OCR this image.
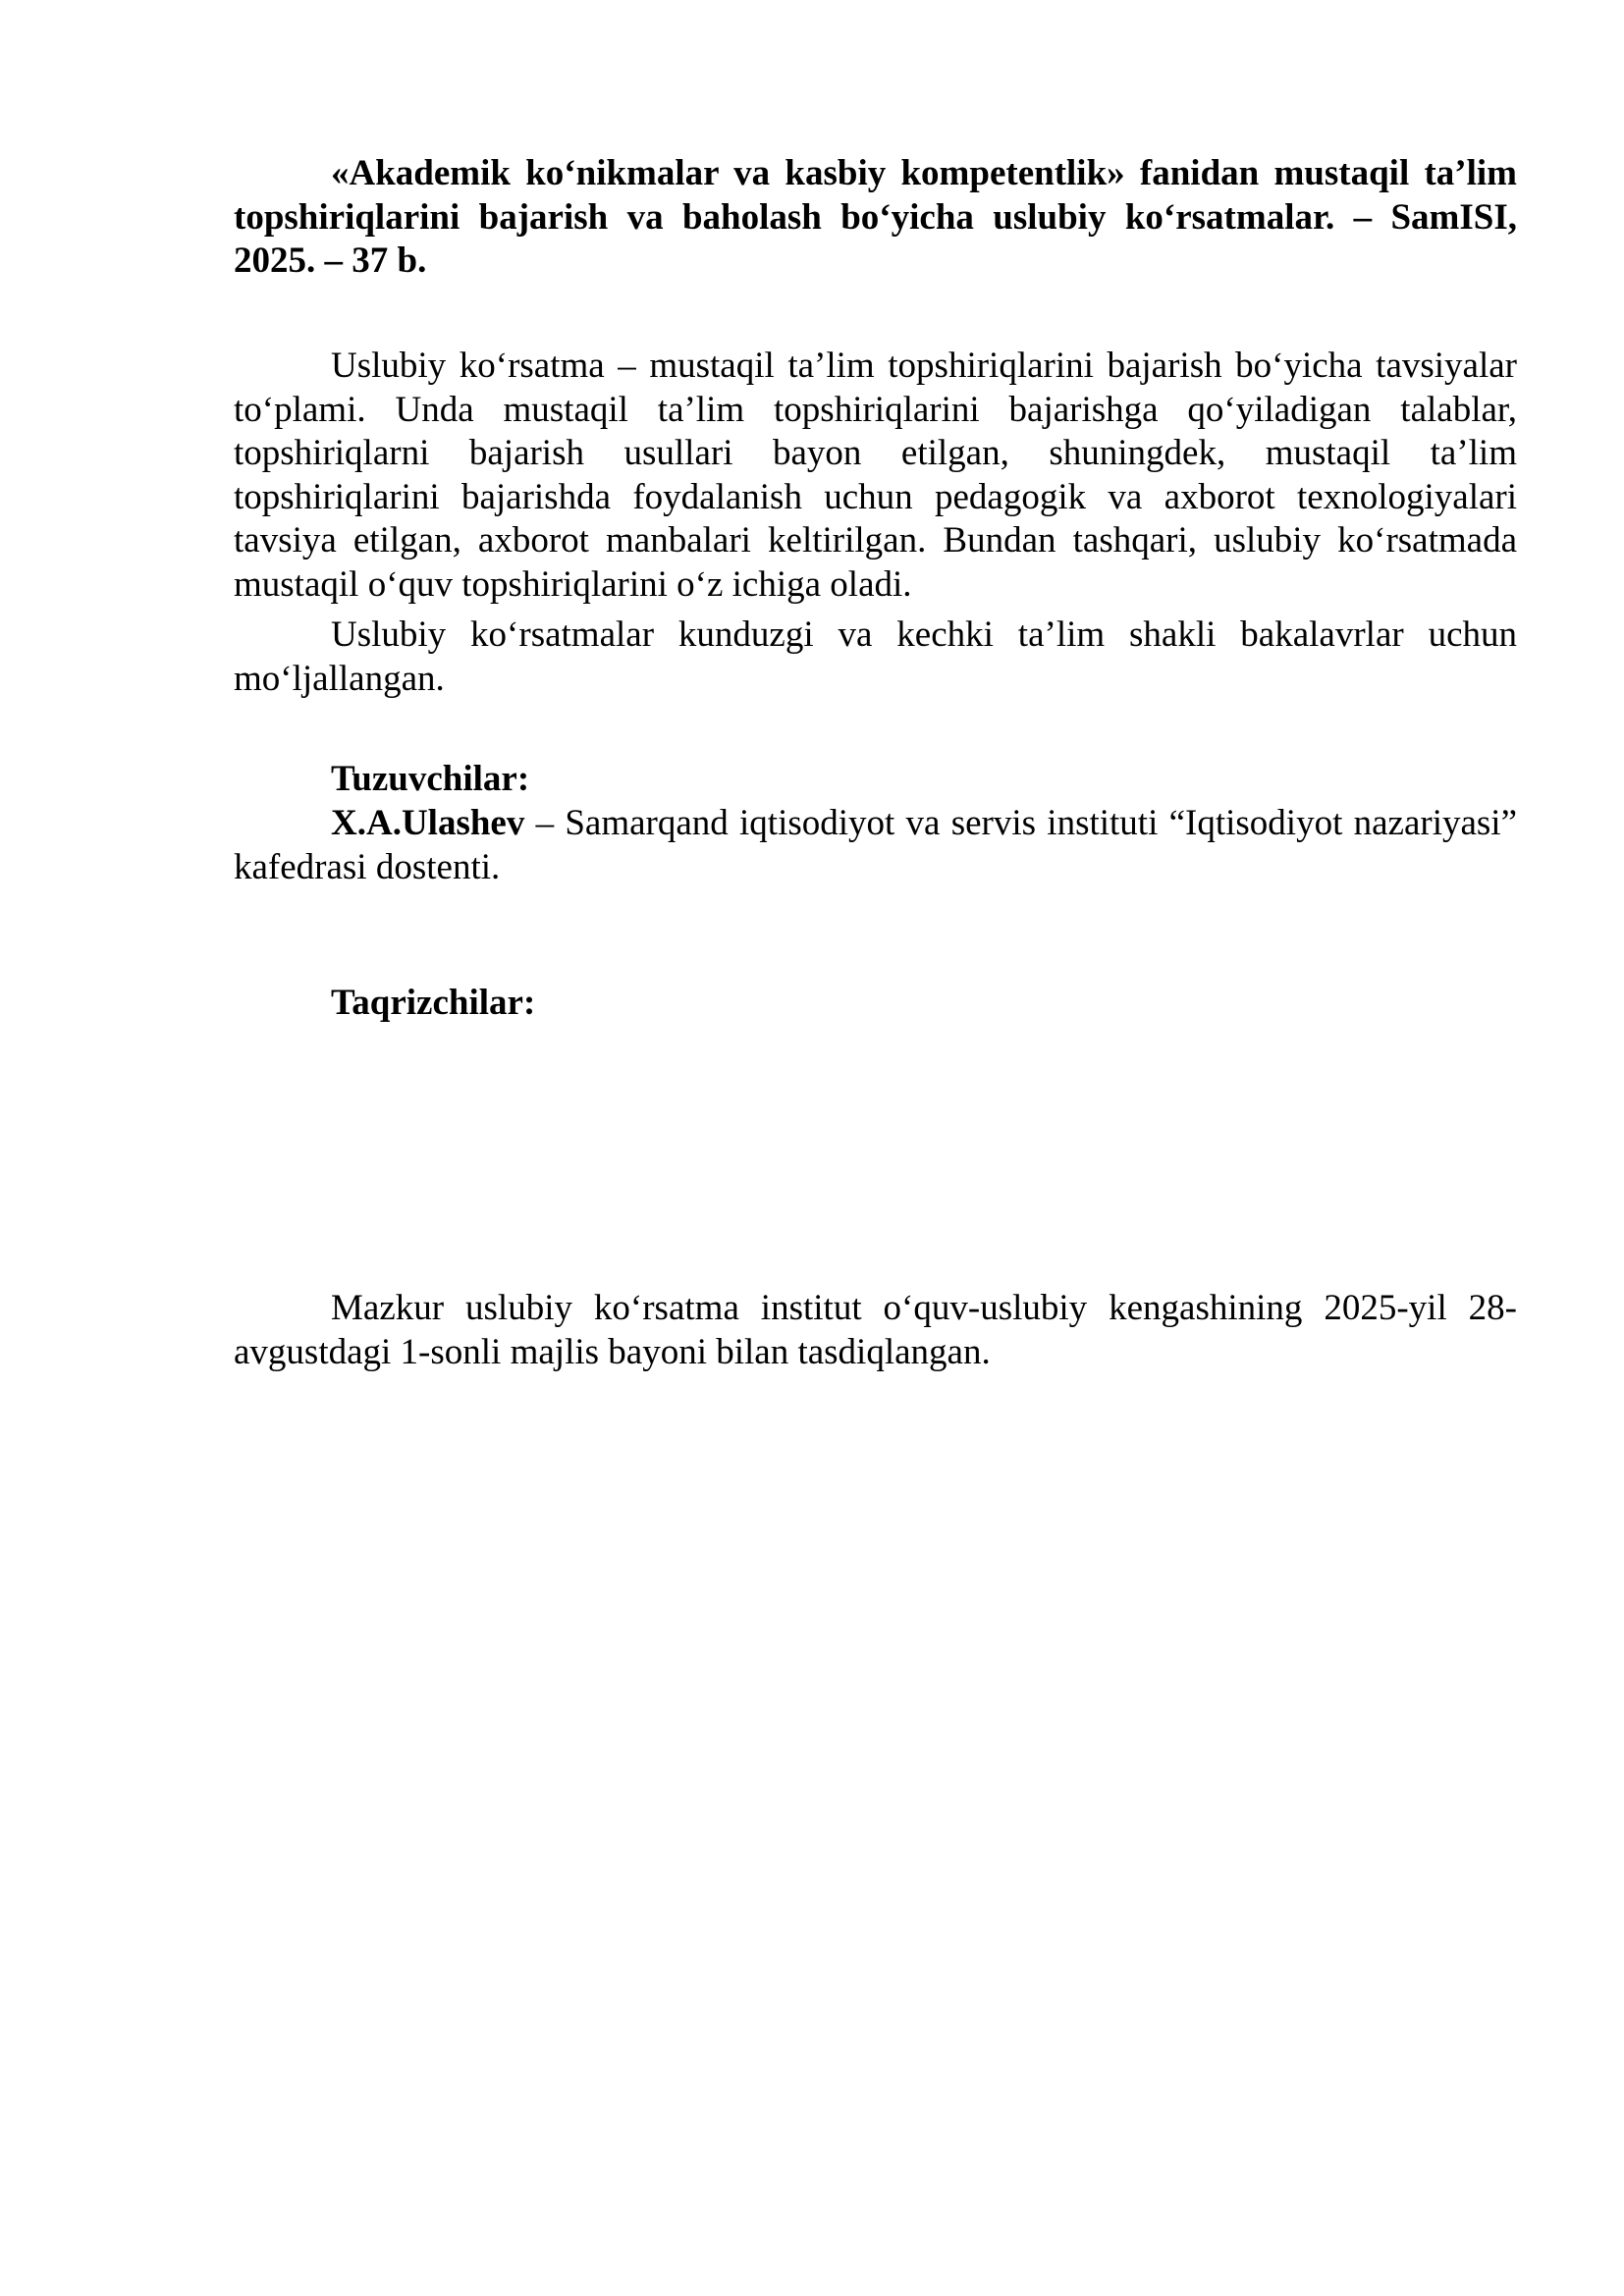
«Akademik ko‘nikmalar va kasbiy kompetentlik» fanidan mustaqil ta’lim topshiriqlarini bajarish va baholash bo‘yicha uslubiy ko‘rsatmalar. – SamISI, 2025. – 37 b.

Uslubiy ko‘rsatma – mustaqil ta’lim topshiriqlarini bajarish bo‘yicha tavsiyalar to‘plami. Unda mustaqil ta’lim topshiriqlarini bajarishga qo‘yiladigan talablar, topshiriqlarni bajarish usullari bayon etilgan, shuningdek, mustaqil ta’lim topshiriqlarini bajarishda foydalanish uchun pedagogik va axborot texnologiyalari tavsiya etilgan, axborot manbalari keltirilgan. Bundan tashqari, uslubiy ko‘rsatmada mustaqil o‘quv topshiriqlarini o‘z ichiga oladi.

Uslubiy ko‘rsatmalar kunduzgi va kechki ta’lim shakli bakalavrlar uchun mo‘ljallangan.

Tuzuvchilar:

X.A.Ulashev – Samarqand iqtisodiyot va servis instituti “Iqtisodiyot nazariyasi” kafedrasi dostenti.

Taqrizchilar:

Mazkur uslubiy ko‘rsatma institut o‘quv-uslubiy kengashining 2025-yil 28-avgustdagi 1-sonli majlis bayoni bilan tasdiqlangan.
